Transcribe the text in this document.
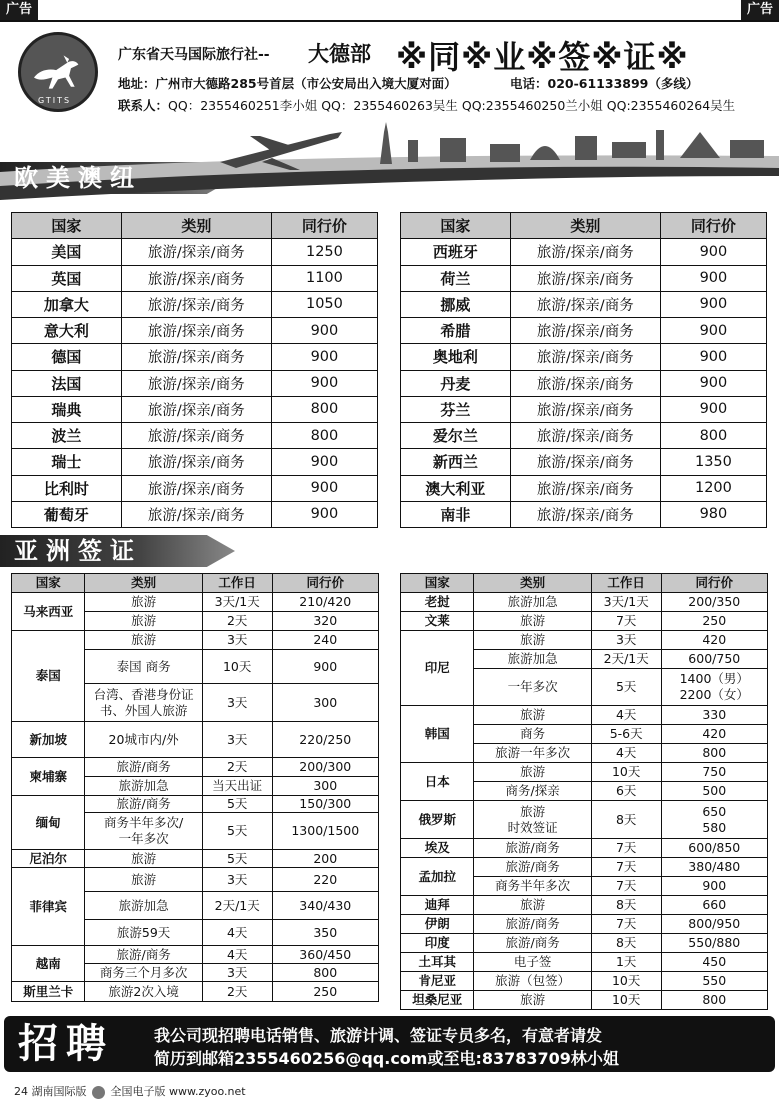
广告	广告
GTITS
广东省天马国际旅行社-- 大德部 ※同※业※签※证※
地址：广州市大德路285号首层（市公安局出入境大厦对面）	电话：020-61133899（多线）
联系人：QQ：2355460251李小姐 QQ：2355460263吴生 QQ:2355460250兰小姐 QQ:2355460264吴生
欧美澳纽
国家	类别	同行价
美国	旅游/探亲/商务	1250
英国	旅游/探亲/商务	1100
加拿大	旅游/探亲/商务	1050
意大利	旅游/探亲/商务	900
德国	旅游/探亲/商务	900
法国	旅游/探亲/商务	900
瑞典	旅游/探亲/商务	800
波兰	旅游/探亲/商务	800
瑞士	旅游/探亲/商务	900
比利时	旅游/探亲/商务	900
葡萄牙	旅游/探亲/商务	900
国家	类别	同行价
西班牙	旅游/探亲/商务	900
荷兰	旅游/探亲/商务	900
挪威	旅游/探亲/商务	900
希腊	旅游/探亲/商务	900
奥地利	旅游/探亲/商务	900
丹麦	旅游/探亲/商务	900
芬兰	旅游/探亲/商务	900
爱尔兰	旅游/探亲/商务	800
新西兰	旅游/探亲/商务	1350
澳大利亚	旅游/探亲/商务	1200
南非	旅游/探亲/商务	980
亚洲签证
国家	类别	工作日	同行价
马来西亚	旅游	3天/1天	210/420
	旅游	2天	320
泰国	旅游	3天	240
	泰国 商务	10天	900
	台湾、香港身份证
书、外国人旅游	3天	300
新加坡	20城市内/外	3天	220/250
柬埔寨	旅游/商务	2天	200/300
	旅游加急	当天出证	300
缅甸	旅游/商务	5天	150/300
	商务半年多次/
一年多次	5天	1300/1500
尼泊尔	旅游	5天	200
菲律宾	旅游	3天	220
	旅游加急	2天/1天	340/430
	旅游59天	4天	350
越南	旅游/商务	4天	360/450
	商务三个月多次	3天	800
斯里兰卡	旅游2次入境	2天	250
国家	类别	工作日	同行价
老挝	旅游加急	3天/1天	200/350
文莱	旅游	7天	250
印尼	旅游	3天	420
	旅游加急	2天/1天	600/750
	一年多次	5天	1400（男）
2200（女）
韩国	旅游	4天	330
	商务	5-6天	420
	旅游一年多次	4天	800
日本	旅游	10天	750
	商务/探亲	6天	500
俄罗斯	旅游
时效签证	8天	650
580
埃及	旅游/商务	7天	600/850
孟加拉	旅游/商务	7天	380/480
	商务半年多次	7天	900
迪拜	旅游	8天	660
伊朗	旅游/商务	7天	800/950
印度	旅游/商务	8天	550/880
土耳其	电子签	1天	450
肯尼亚	旅游（包签）	10天	550
坦桑尼亚	旅游	10天	800
招聘	我公司现招聘电话销售、旅游计调、签证专员多名，有意者请发
简历到邮箱2355460256@qq.com或至电:83783709林小姐
24 湖南国际版 全国电子版 www.zyoo.net
